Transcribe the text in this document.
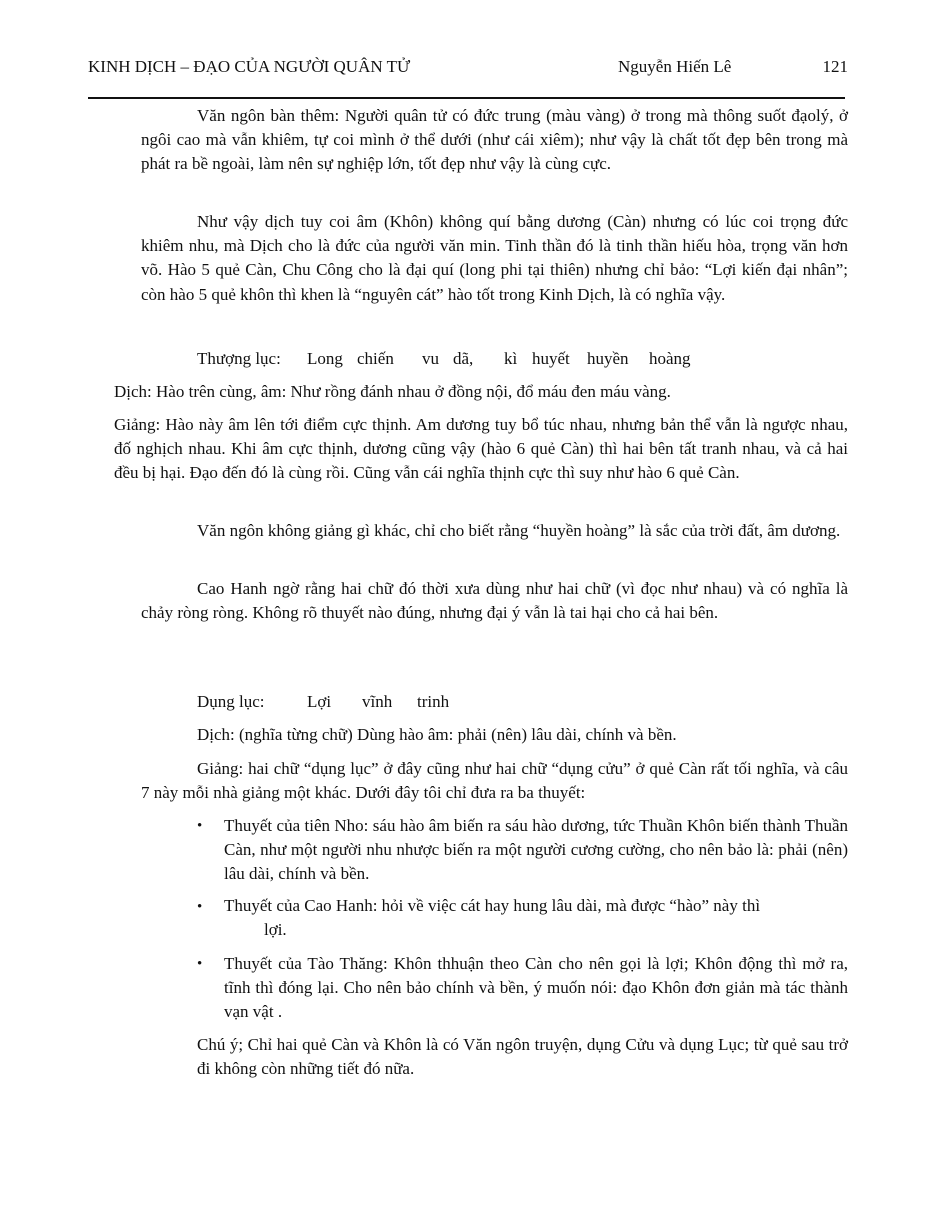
KINH DỊCH – ĐẠO CỦA NGƯỜI QUÂN TỬ	Nguyễn Hiến Lê	121

Văn ngôn bàn thêm: Người quân tử có đức trung (màu vàng) ở trong mà thông suốt đạolý, ở ngôi cao mà vẫn khiêm, tự coi mình ở thể dưới (như cái xiêm); như vậy là chất tốt đẹp bên trong mà phát ra bề ngoài, làm nên sự nghiệp lớn, tốt đẹp như vậy là cùng cực.

Như vậy dịch tuy coi âm (Khôn) không quí bằng dương (Càn) nhưng có lúc coi trọng đức khiêm nhu, mà Dịch cho là đức của người văn min. Tinh thần đó là tinh thần hiếu hòa, trọng văn hơn võ. Hào 5 quẻ Càn, Chu Công cho là đại quí (long phi tại thiên) nhưng chỉ bảo: “Lợi kiến đại nhân”; còn hào 5 quẻ khôn thì khen là “nguyên cát” hào tốt trong Kinh Dịch, là có nghĩa vậy.

Thượng lục: Long chiến vu dã, kì huyết huyền hoàng
Dịch: Hào trên cùng, âm: Như rồng đánh nhau ở đồng nội, đổ máu đen máu vàng.

Giảng: Hào này âm lên tới điểm cực thịnh. Am dương tuy bổ túc nhau, nhưng bản thể vẫn là ngược nhau, đố nghịch nhau. Khi âm cực thịnh, dương cũng vậy (hào 6 quẻ Càn) thì hai bên tất tranh nhau, và cả hai đều bị hại. Đạo đến đó là cùng rồi. Cũng vẫn cái nghĩa thịnh cực thì suy như hào 6 quẻ Càn.

Văn ngôn không giảng gì khác, chỉ cho biết rằng “huyền hoàng” là sắc của trời đất, âm dương.

Cao Hanh ngờ rằng hai chữ đó thời xưa dùng như hai chữ (vì đọc như nhau) và có nghĩa là chảy ròng ròng. Không rõ thuyết nào đúng, nhưng đại ý vẫn là tai hại cho cả hai bên.

Dụng lục: Lợi vĩnh trinh
Dịch: (nghĩa từng chữ) Dùng hào âm: phải (nên) lâu dài, chính và bền.

Giảng: hai chữ “dụng lục” ở đây cũng như hai chữ “dụng cửu” ở quẻ Càn rất tối nghĩa, và câu 7 này mỗi nhà giảng một khác. Dưới đây tôi chỉ đưa ra ba thuyết:

• Thuyết của tiên Nho: sáu hào âm biến ra sáu hào dương, tức Thuần Khôn biến thành Thuần Càn, như một người nhu nhược biến ra một người cương cường, cho nên bảo là: phải (nên) lâu dài, chính và bền.

• Thuyết của Cao Hanh: hỏi về việc cát hay hung lâu dài, mà được “hào” này thì
lợi.
• Thuyết của Tào Thăng: Khôn thhuận theo Càn cho nên gọi là lợi; Khôn động thì mở ra, tĩnh thì đóng lại. Cho nên bảo chính và bền, ý muốn nói: đạo Khôn đơn giản mà tác thành vạn vật .

Chú ý; Chỉ hai quẻ Càn và Khôn là có Văn ngôn truyện, dụng Cửu và dụng Lục; từ quẻ sau trở đi không còn những tiết đó nữa.
